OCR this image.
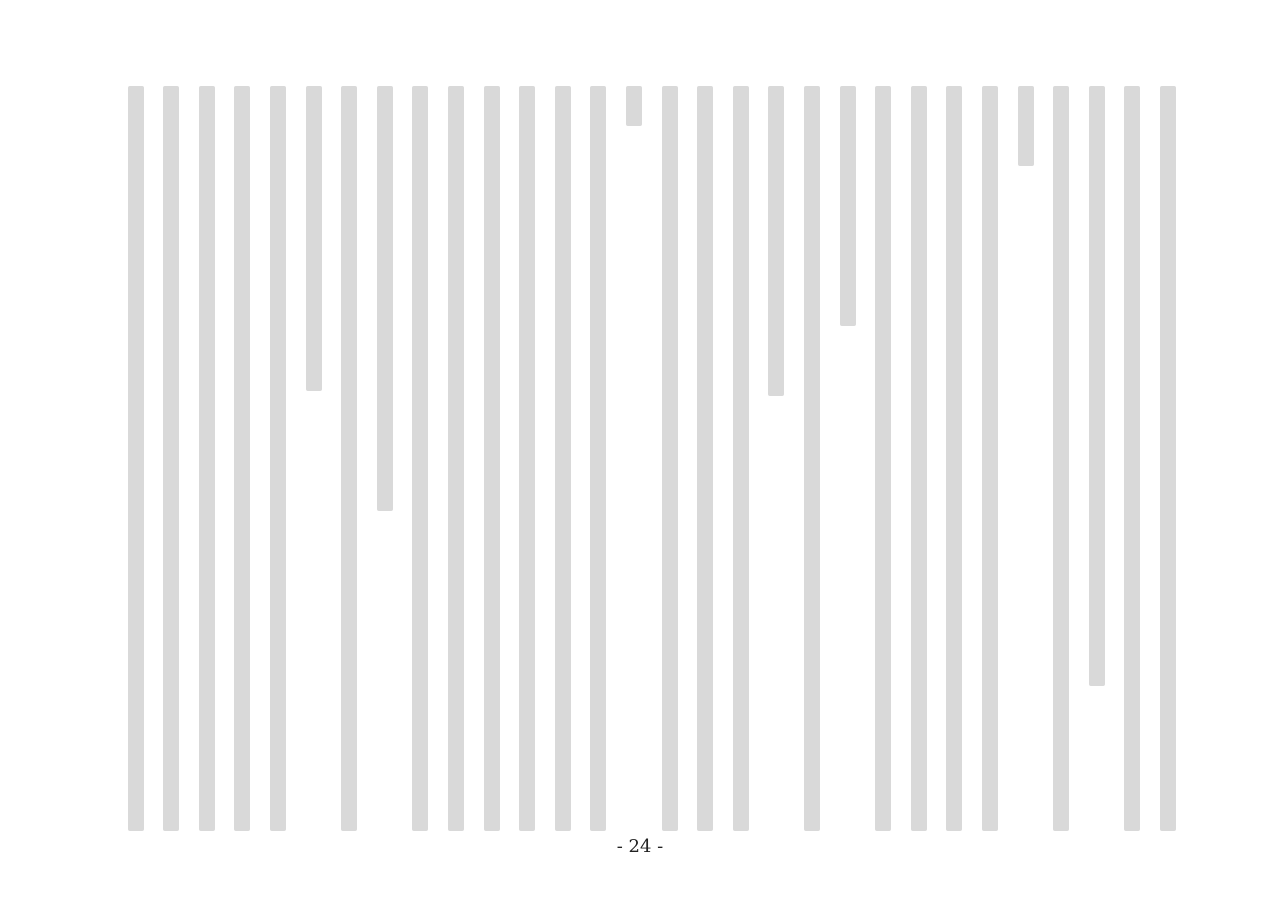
- 24 -
